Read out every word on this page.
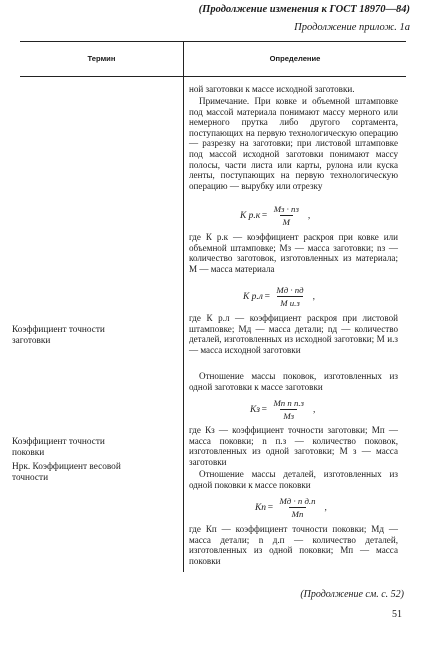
(Продолжение изменения к ГОСТ 18970—84)
Продолжение прилож. 1а
Термин	Определение

Коэффициент точности
заготовки

Коэффициент точности
поковки

Нрк. Коэффициент весовой
точности

ной заготовки к массе исходной заготовки.

Примечание. При ковке и объемной штамповке под массой материала понимают массу мерного или немерного прутка либо другого сортамента, поступающих на первую технологическую операцию — разрезку на заготовки; при листовой штамповке под массой исходной заготовки понимают массу полосы, части листа или карты, рулона или куска ленты, поступающих на первую технологическую операцию — вырубку или отрезку

К $р.к = \frac{Мз \cdot nз}{М}$ ,

где К р.к — коэффициент раскроя при ковке или объемной штамповке; Мз — масса заготовки; nз — количество заготовок, изготовленных из материала; М — масса материала

К $р.л = \frac{Мд \cdot nд}{\text{М и.з}}$ ,

где К р.л — коэффициент раскроя при листовой штамповке; Мд — масса детали; nд — количество деталей, изготовленных из исходной заготовки; М и.з — масса исходной заготовки

Отношение массы поковок, изготовленных из одной заготовки к массе заготовки

Кз = $\frac{\text{Мп n п.з}}{Мз}$ ,

где Кз — коэффициент точности заготовки; Мп — масса поковки; n п.з — количество поковок, изготовленных из одной заготовки; М з — масса заготовки

Отношение массы деталей, изготовленных из одной поковки к массе поковки

Кп = $\frac{\text{Мд · n д.п}}{Мп}$ ,

где Кп — коэффициент точности поковки; Мд — масса детали; n д.п — количество деталей, изготовленных из одной поковки; Мп — масса поковки

(Продолжение см. с. 52)
51
